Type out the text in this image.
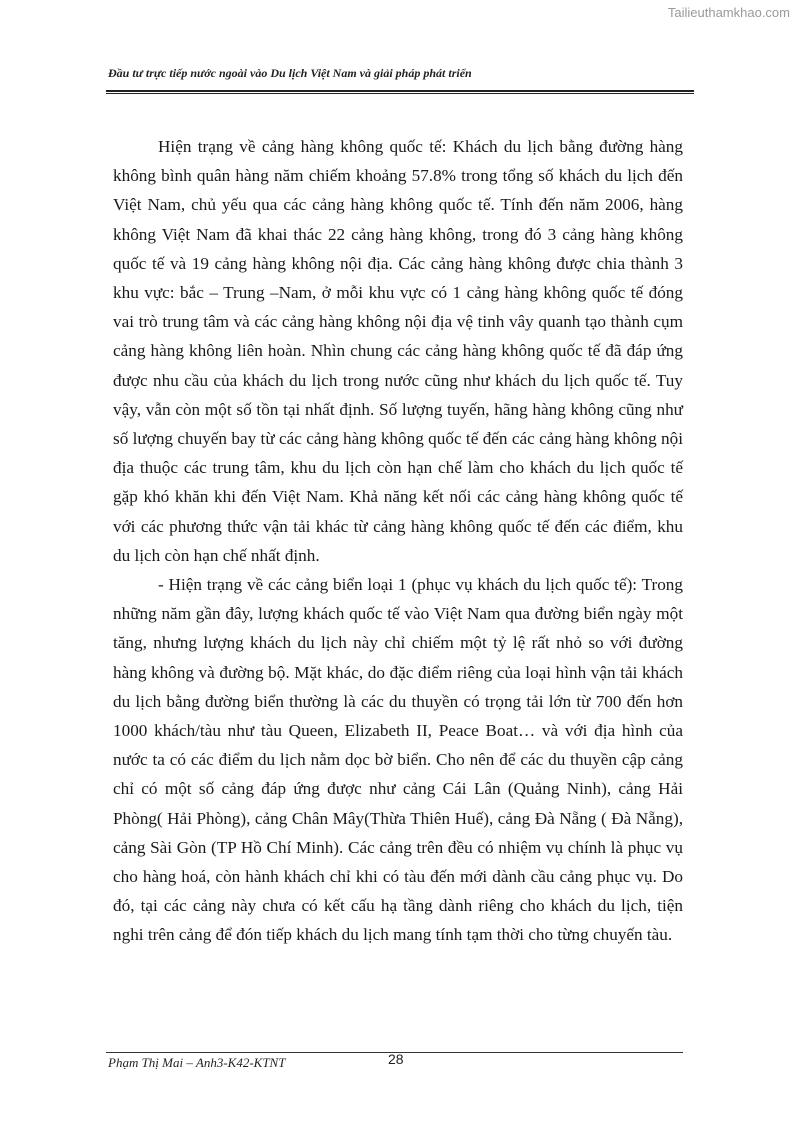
Tailieuthamkhao.com
Đầu tư trực tiếp nước ngoài vào Du lịch Việt Nam và giải pháp phát triển

Hiện trạng về cảng hàng không quốc tế: Khách du lịch bằng đường hàng không bình quân hàng năm chiếm khoảng 57.8% trong tổng số khách du lịch đến Việt Nam, chủ yếu qua các cảng hàng không quốc tế. Tính đến năm 2006, hàng không Việt Nam đã khai thác 22 cảng hàng không, trong đó 3 cảng hàng không quốc tế và 19 cảng hàng không nội địa. Các cảng hàng không được chia thành 3 khu vực: bắc – Trung –Nam, ở mỗi khu vực có 1 cảng hàng không quốc tế đóng vai trò trung tâm và các cảng hàng không nội địa vệ tinh vây quanh tạo thành cụm cảng hàng không liên hoàn. Nhìn chung các cảng hàng không quốc tế đã đáp ứng được nhu cầu của khách du lịch trong nước cũng như khách du lịch quốc tế. Tuy vậy, vẫn còn một số tồn tại nhất định. Số lượng tuyến, hãng hàng không cũng như số lượng chuyến bay từ các cảng hàng không quốc tế đến các cảng hàng không nội địa thuộc các trung tâm, khu du lịch còn hạn chế làm cho khách du lịch quốc tế gặp khó khăn khi đến Việt Nam. Khả năng kết nối các cảng hàng không quốc tế với các phương thức vận tải khác từ cảng hàng không quốc tế đến các điểm, khu du lịch còn hạn chế nhất định.

- Hiện trạng về các cảng biển loại 1 (phục vụ khách du lịch quốc tế): Trong những năm gần đây, lượng khách quốc tế vào Việt Nam qua đường biển ngày một tăng, nhưng lượng khách du lịch này chỉ chiếm một tỷ lệ rất nhỏ so với đường hàng không và đường bộ. Mặt khác, do đặc điểm riêng của loại hình vận tải khách du lịch bằng đường biển thường là các du thuyền có trọng tải lớn từ 700 đến hơn 1000 khách/tàu như tàu Queen, Elizabeth II, Peace Boat… và với địa hình của nước ta có các điểm du lịch nằm dọc bờ biển. Cho nên để các du thuyền cập cảng chỉ có một số cảng đáp ứng được như cảng Cái Lân (Quảng Ninh), cảng Hải Phòng( Hải Phòng), cảng Chân Mây(Thừa Thiên Huế), cảng Đà Nẵng ( Đà Nẵng), cảng Sài Gòn (TP Hồ Chí Minh). Các cảng trên đều có nhiệm vụ chính là phục vụ cho hàng hoá, còn hành khách chỉ khi có tàu đến mới dành cầu cảng phục vụ. Do đó, tại các cảng này chưa có kết cấu hạ tầng dành riêng cho khách du lịch, tiện nghi trên cảng để đón tiếp khách du lịch mang tính tạm thời cho từng chuyến tàu.

Phạm Thị Mai – Anh3-K42-KTNT	28
